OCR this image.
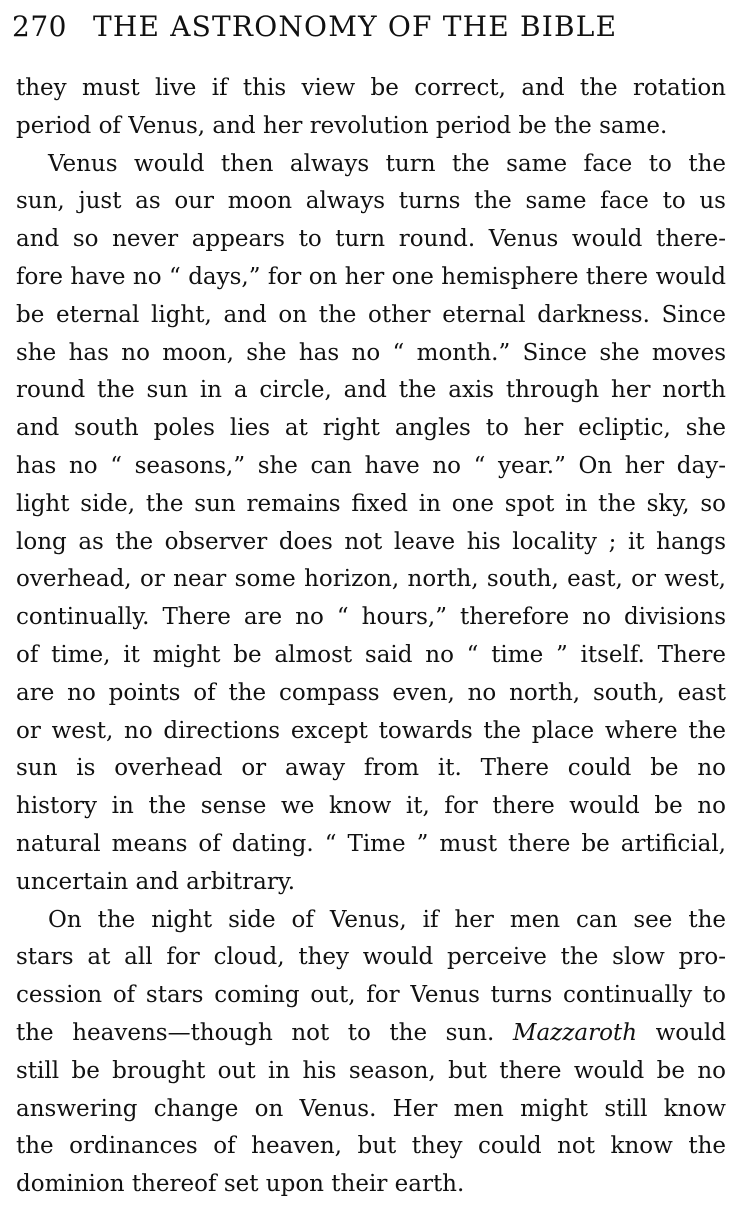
270 THE ASTRONOMY OF THE BIBLE
they must live if this view be correct, and the rotation
period of Venus, and her revolution period be the same.
Venus would then always turn the same face to the
sun, just as our moon always turns the same face to us
and so never appears to turn round. Venus would there-
fore have no “ days,” for on her one hemisphere there would
be eternal light, and on the other eternal darkness. Since
she has no moon, she has no “ month.” Since she moves
round the sun in a circle, and the axis through her north
and south poles lies at right angles to her ecliptic, she
has no “ seasons,” she can have no “ year.” On her day-
light side, the sun remains fixed in one spot in the sky, so
long as the observer does not leave his locality ; it hangs
overhead, or near some horizon, north, south, east, or west,
continually. There are no “ hours,” therefore no divisions
of time, it might be almost said no “ time ” itself. There
are no points of the compass even, no north, south, east
or west, no directions except towards the place where the
sun is overhead or away from it. There could be no
history in the sense we know it, for there would be no
natural means of dating. “ Time ” must there be artificial,
uncertain and arbitrary.
On the night side of Venus, if her men can see the
stars at all for cloud, they would perceive the slow pro-
cession of stars coming out, for Venus turns continually to
the heavens—though not to the sun. Mazzaroth would
still be brought out in his season, but there would be no
answering change on Venus. Her men might still know
the ordinances of heaven, but they could not know the
dominion thereof set upon their earth.
